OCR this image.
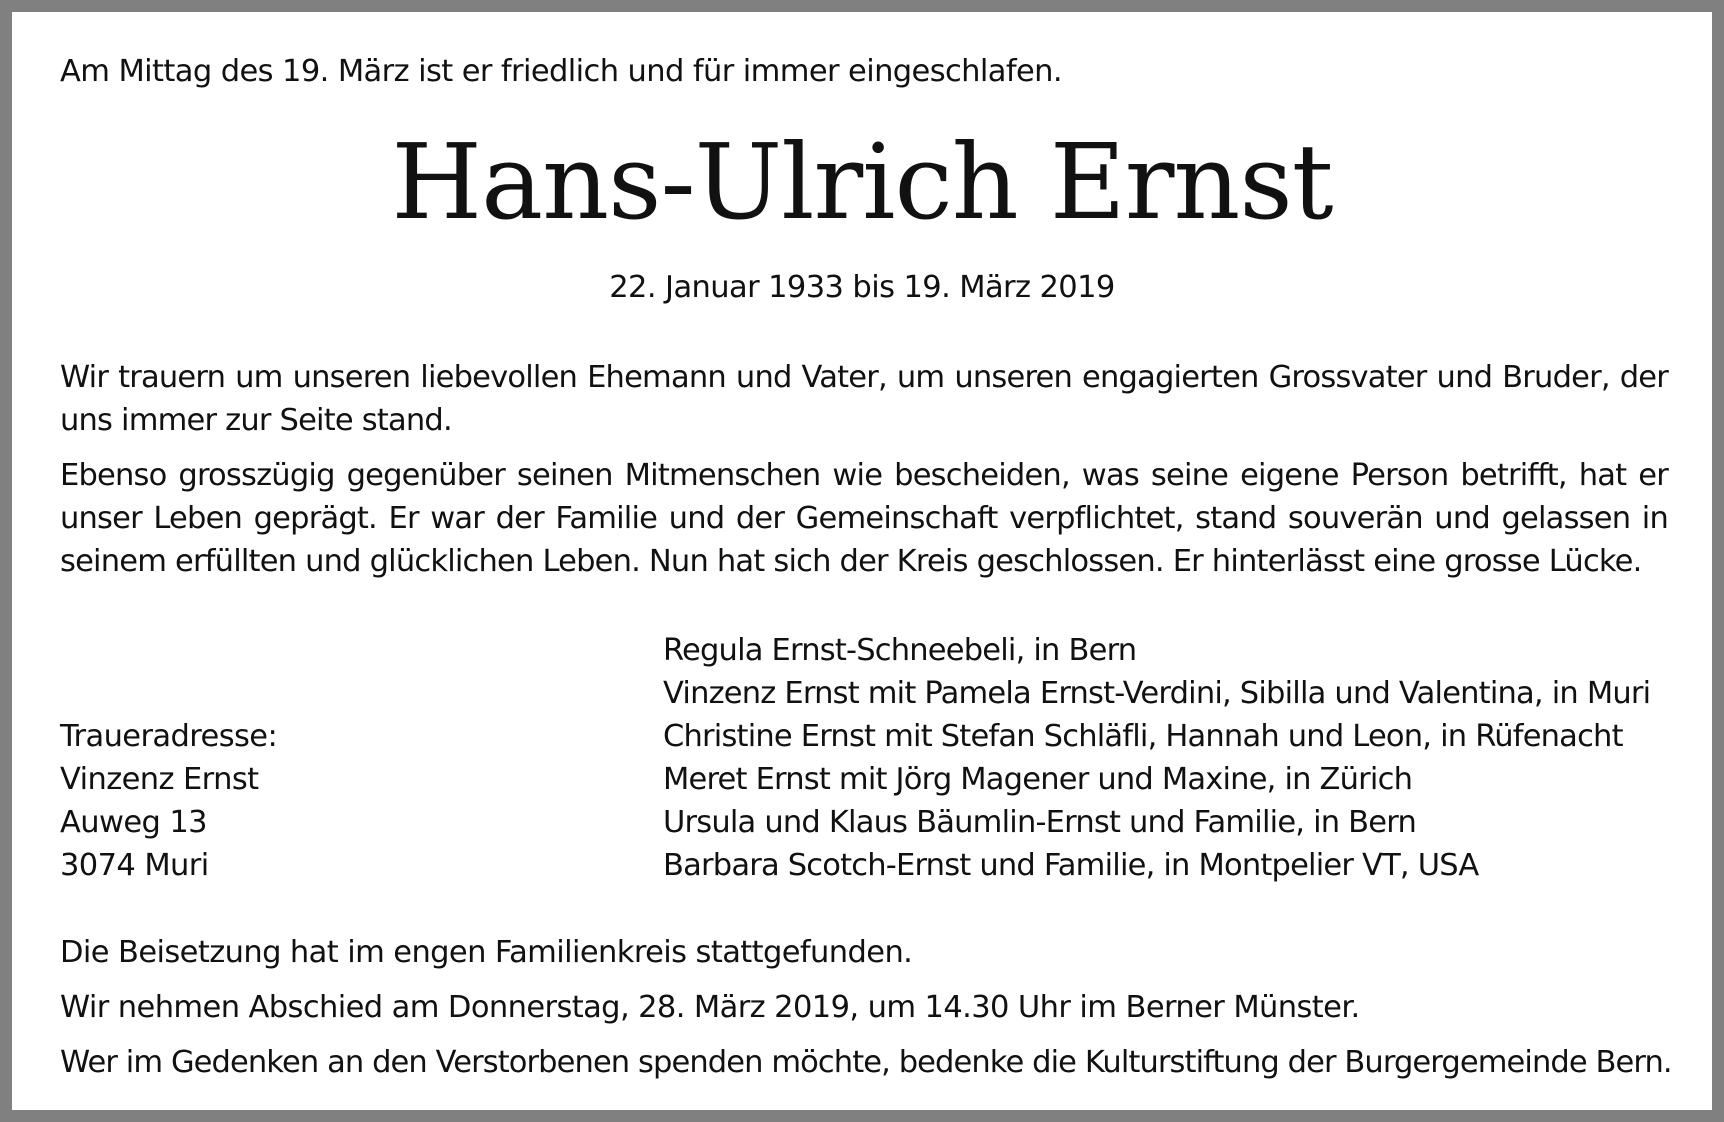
Am Mittag des 19. März ist er friedlich und für immer eingeschlafen.
Hans-Ulrich Ernst
22. Januar 1933 bis 19. März 2019
Wir trauern um unseren liebevollen Ehemann und Vater, um unseren engagierten Grossvater und Bruder, der uns immer zur Seite stand.
Ebenso grosszügig gegenüber seinen Mitmenschen wie bescheiden, was seine eigene Person betrifft, hat er unser Leben geprägt. Er war der Familie und der Gemeinschaft verpflichtet, stand souverän und gelassen in seinem erfüllten und glücklichen Leben. Nun hat sich der Kreis geschlossen. Er hinterlässt eine grosse Lücke.
Regula Ernst-Schneebeli, in Bern
Vinzenz Ernst mit Pamela Ernst-Verdini, Sibilla und Valentina, in Muri
Christine Ernst mit Stefan Schläfli, Hannah und Leon, in Rüfenacht
Meret Ernst mit Jörg Magener und Maxine, in Zürich
Ursula und Klaus Bäumlin-Ernst und Familie, in Bern
Barbara Scotch-Ernst und Familie, in Montpelier VT, USA
Traueradresse:
Vinzenz Ernst
Auweg 13
3074 Muri
Die Beisetzung hat im engen Familienkreis stattgefunden.
Wir nehmen Abschied am Donnerstag, 28. März 2019, um 14.30 Uhr im Berner Münster.
Wer im Gedenken an den Verstorbenen spenden möchte, bedenke die Kulturstiftung der Burgergemeinde Bern.
